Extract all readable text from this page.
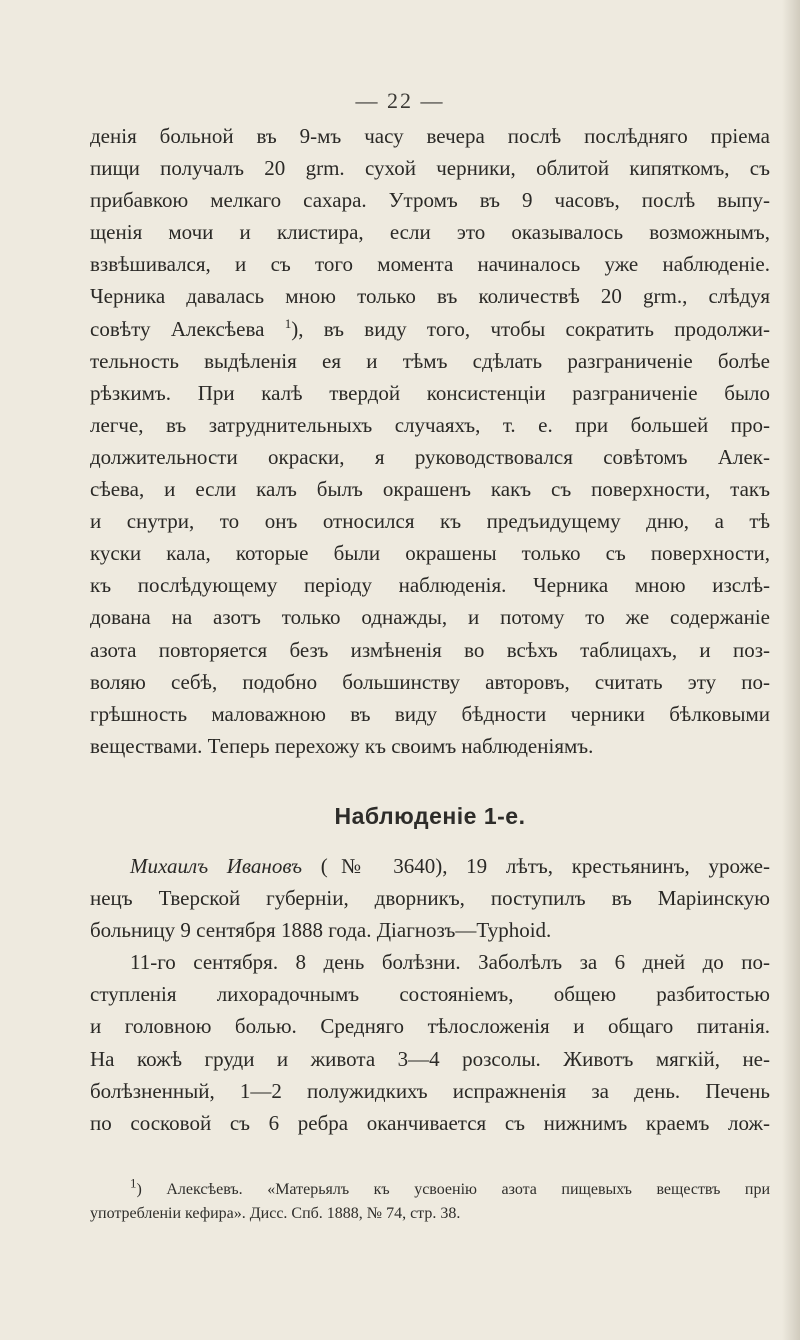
— 22 —
денія больной въ 9-мъ часу вечера послѣ послѣдняго пріема
пищи получалъ 20 grm. сухой черники, облитой кипяткомъ, съ
прибавкою мелкаго сахара. Утромъ въ 9 часовъ, послѣ выпу-
щенія мочи и клистира, если это оказывалось возможнымъ,
взвѣшивался, и съ того момента начиналось уже наблюденіе.
Черника давалась мною только въ количествѣ 20 grm., слѣдуя
совѣту Алексѣева $^1$), въ виду того, чтобы сократить продолжи-
тельность выдѣленія ея и тѣмъ сдѣлать разграниченіе болѣе
рѣзкимъ. При калѣ твердой консистенціи разграниченіе было
легче, въ затруднительныхъ случаяхъ, т. е. при большей про-
должительности окраски, я руководствовался совѣтомъ Алек-
сѣева, и если калъ былъ окрашенъ какъ съ поверхности, такъ
и снутри, то онъ относился къ предъидущему дню, а тѣ
куски кала, которые были окрашены только съ поверхности,
къ послѣдующему періоду наблюденія. Черника мною изслѣ-
дована на азотъ только однажды, и потому то же содержаніе
азота повторяется безъ измѣненія во всѣхъ таблицахъ, и поз-
воляю себѣ, подобно большинству авторовъ, считать эту по-
грѣшность маловажною въ виду бѣдности черники бѣлковыми
веществами. Теперь перехожу къ своимъ наблюденіямъ.
Наблюденіе 1-е.
Михаилъ Ивановъ (№ 3640), 19 лѣтъ, крестьянинъ, уроже-
нецъ Тверской губерніи, дворникъ, поступилъ въ Маріинскую
больницу 9 сентября 1888 года. Діагнозъ—Typhoid.
11-го сентября. 8 день болѣзни. Заболѣлъ за 6 дней до по-
ступленія лихорадочнымъ состояніемъ, общею разбитостью
и головною болью. Средняго тѣлосложенія и общаго питанія.
На кожѣ груди и живота 3—4 розсолы. Животъ мягкій, не-
болѣзненный, 1—2 полужидкихъ испражненія за день. Печень
по сосковой съ 6 ребра оканчивается съ нижнимъ краемъ лож-
$^1$) Алексѣевъ. «Матерьялъ къ усвоенію азота пищевыхъ веществъ при
употребленіи кефира». Дисс. Спб. 1888, № 74, стр. 38.
